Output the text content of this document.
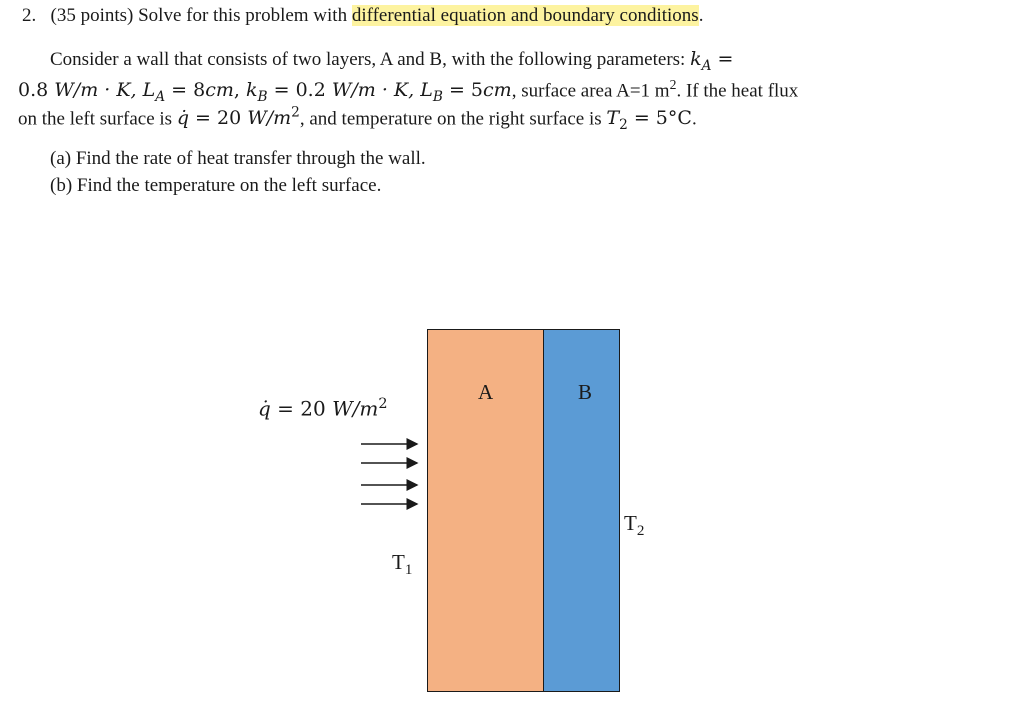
2. (35 points) Solve for this problem with differential equation and boundary conditions.
Consider a wall that consists of two layers, A and B, with the following parameters: $k_A$ =
0.8 W/m · K, $L_A = 8cm$, $k_B = 0.2$ W/m · K, $L_B = 5cm$, surface area A=1 $m^2$. If the heat flux
on the left surface is q̇ = 20 $W/m^2$, and temperature on the right surface is $T_2 = 5^\circ C$.
(a) Find the rate of heat transfer through the wall.
(b) Find the temperature on the left surface.
q̇ = 20 $W/m^2$	A	B
$T_1$
$T_2$
